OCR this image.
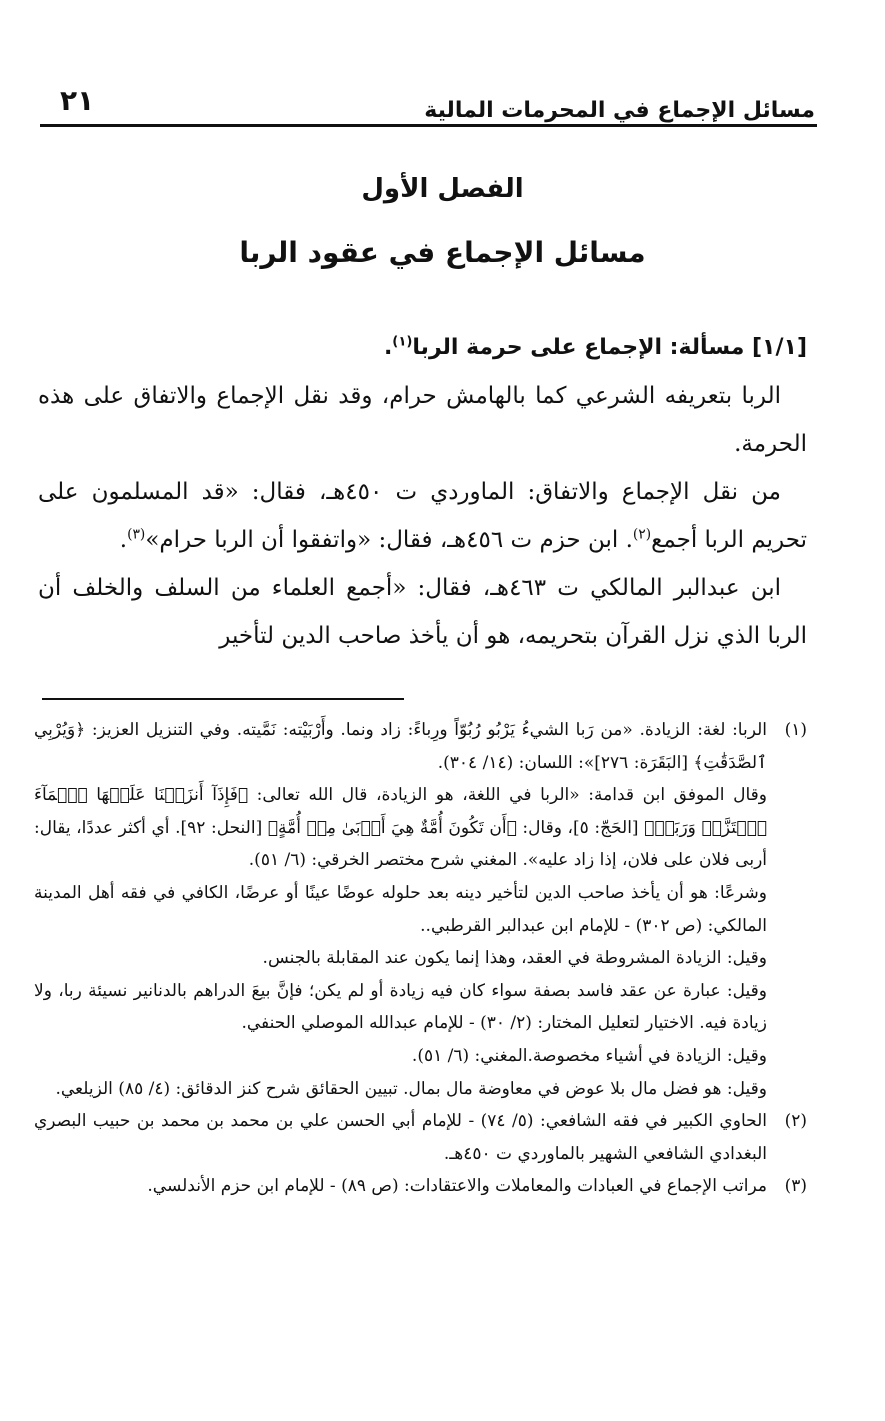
مسائل الإجماع في المحرمات المالية
٢١
الفصل الأول
مسائل الإجماع في عقود الربا

[١/١] مسألة: الإجماع على حرمة الربا$^{(١)}$.

الربا بتعريفه الشرعي كما بالهامش حرام، وقد نقل الإجماع والاتفاق على هذه الحرمة.

من نقل الإجماع والاتفاق: الماوردي ت ٤٥٠هـ، فقال: «قد المسلمون على تحريم الربا أجمع$^{(٢)}$. ابن حزم ت ٤٥٦هـ، فقال: «واتفقوا أن الربا حرام»$^{(٣)}$.

ابن عبدالبر المالكي ت ٤٦٣هـ، فقال: «أجمع العلماء من السلف والخلف أن الربا الذي نزل القرآن بتحريمه، هو أن يأخذ صاحب الدين لتأخير

(١)

الربا: لغة: الزيادة. «من رَبا الشيءُ يَرْبُو رُبُوّاً ورِباءً: زاد ونما. وأَرْبَيْته: نَمَّيته. وفي التنزيل العزيز: ﴿وَيُرْبِي ٱلصَّدَقَٰتِ﴾ [البَقَرَة: ٢٧٦]»: اللسان: (١٤/ ٣٠٤).

وقال الموفق ابن قدامة: «الربا في اللغة، هو الزيادة، قال الله تعالى: ﴿فَإِذَآ أَنزَلۡنَا عَلَيۡهَا ٱلۡمَآءَ ٱهۡتَزَّتۡ وَرَبَتۡ﴾ [الحَجّ: ٥]، وقال: ﴿أَن تَكُونَ أُمَّةٌ هِيَ أَرۡبَىٰ مِنۡ أُمَّةٍ﴾ [النحل: ٩٢]. أي أكثر عددًا، يقال: أربى فلان على فلان، إذا زاد عليه». المغني شرح مختصر الخرقي: (٦/ ٥١).

وشرعًا: هو أن يأخذ صاحب الدين لتأخير دينه بعد حلوله عوضًا عينًا أو عرضًا، الكافي في فقه أهل المدينة المالكي: (ص ٣٠٢) - للإمام ابن عبدالبر القرطبي..

وقيل: الزيادة المشروطة في العقد، وهذا إنما يكون عند المقابلة بالجنس.

وقيل: عبارة عن عقد فاسد بصفة سواء كان فيه زيادة أو لم يكن؛ فإنَّ بيعَ الدراهم بالدنانير نسيئة ربا، ولا زيادة فيه. الاختيار لتعليل المختار: (٢/ ٣٠) - للإمام عبدالله الموصلي الحنفي.

وقيل: الزيادة في أشياء مخصوصة.المغني: (٦/ ٥١).

وقيل: هو فضل مال بلا عوض في معاوضة مال بمال. تبيين الحقائق شرح كنز الدقائق: (٤/ ٨٥) الزيلعي.

(٢)

الحاوي الكبير في فقه الشافعي: (٥/ ٧٤) - للإمام أبي الحسن علي بن محمد بن محمد بن حبيب البصري البغدادي الشافعي الشهير بالماوردي ت ٤٥٠هـ.

(٣)

مراتب الإجماع في العبادات والمعاملات والاعتقادات: (ص ٨٩) - للإمام ابن حزم الأندلسي.
